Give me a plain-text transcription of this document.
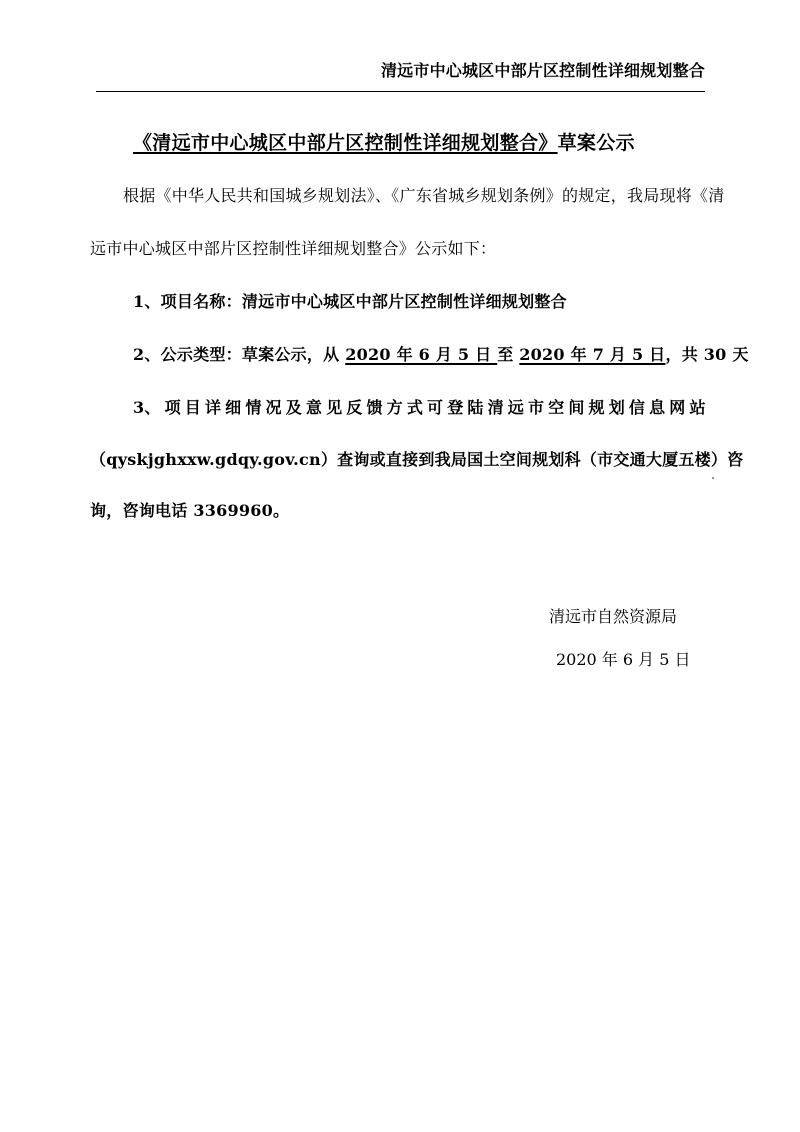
清远市中心城区中部片区控制性详细规划整合
《清远市中心城区中部片区控制性详细规划整合》草案公示
根据《中华人民共和国城乡规划法》、《广东省城乡规划条例》的规定，我局现将《清
远市中心城区中部片区控制性详细规划整合》公示如下：
1、项目名称：清远市中心城区中部片区控制性详细规划整合
2、公示类型：草案公示，从 2020 年 6 月 5 日 至 2020 年 7 月 5 日，共 30 天
3、 项 目 详 细 情 况 及 意 见 反 馈 方 式 可 登 陆 清 远 市 空 间 规 划 信 息 网 站
（qyskjghxxw.gdqy.gov.cn）查询或直接到我局国土空间规划科（市交通大厦五楼）咨
询，咨询电话 3369960。
清远市自然资源局
2020 年 6 月 5 日
